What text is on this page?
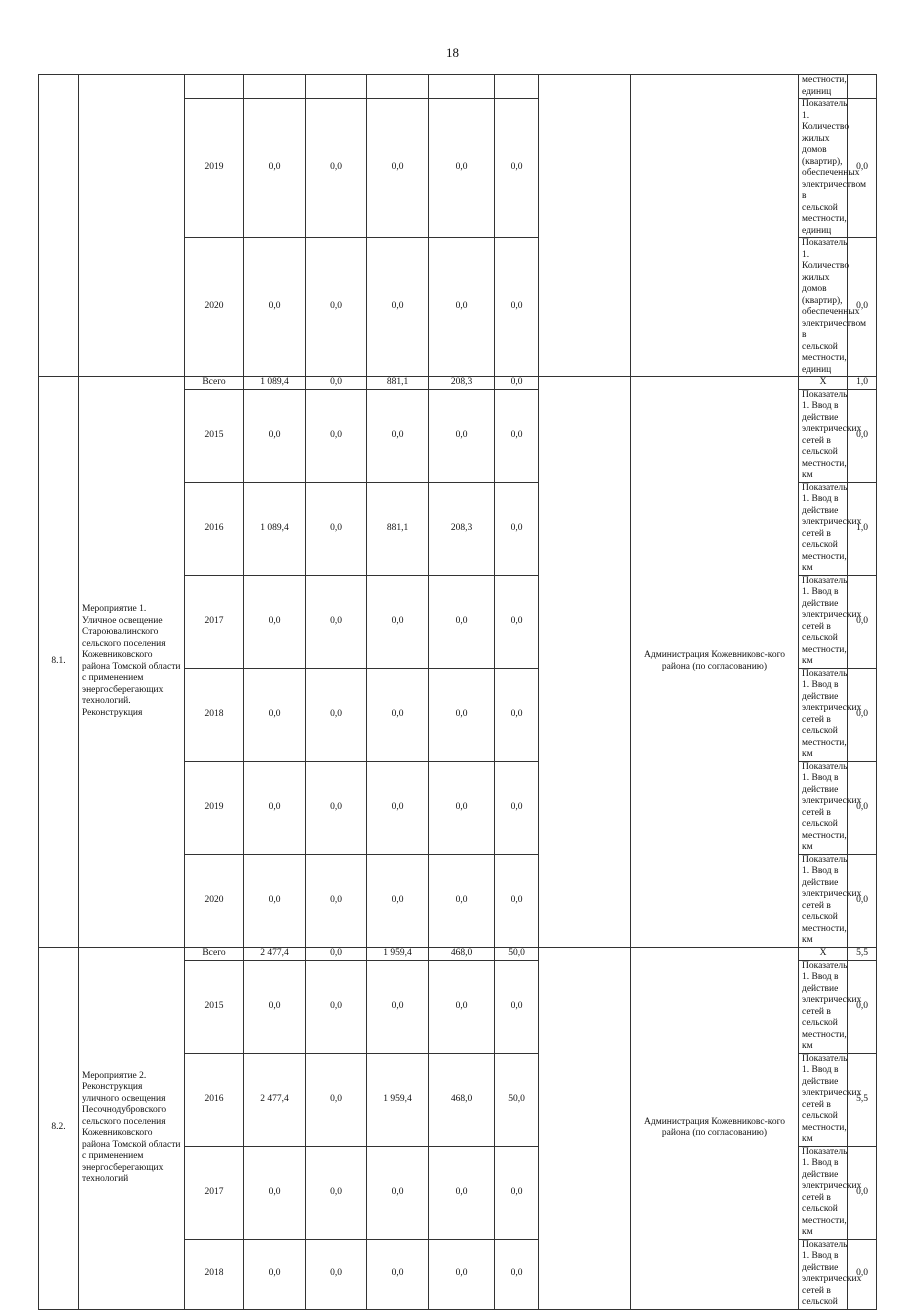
18
										местности, единиц	
		2019	0,0	0,0	0,0	0,0	0,0			Показатель 1. Количество жилых домов (квартир), обеспеченных электричеством в сельской местности, единиц	0,0
		2020	0,0	0,0	0,0	0,0	0,0			Показатель 1. Количество жилых домов (квартир), обеспеченных электричеством в сельской местности, единиц	0,0
8.1.	Мероприятие 1. Уличное освещение Староювалинского сельского поселения Кожевниковского района Томской области с применением энергосберегающих технологий. Реконструкция	Всего	1 089,4	0,0	881,1	208,3	0,0		Администрация Кожевниковс-кого района (по согласованию)	X	1,0
		2015	0,0	0,0	0,0	0,0	0,0			Показатель 1. Ввод в действие электрических сетей в сельской местности, км	0,0
		2016	1 089,4	0,0	881,1	208,3	0,0			Показатель 1. Ввод в действие электрических сетей в сельской местности, км	1,0
		2017	0,0	0,0	0,0	0,0	0,0			Показатель 1. Ввод в действие электрических сетей в сельской местности, км	0,0
		2018	0,0	0,0	0,0	0,0	0,0			Показатель 1. Ввод в действие электрических сетей в сельской местности, км	0,0
		2019	0,0	0,0	0,0	0,0	0,0			Показатель 1. Ввод в действие электрических сетей в сельской местности, км	0,0
		2020	0,0	0,0	0,0	0,0	0,0			Показатель 1. Ввод в действие электрических сетей в сельской местности, км	0,0
8.2.	Мероприятие 2. Реконструкция уличного освещения Песочнодубровского сельского поселения Кожевниковского района Томской области с применением энергосберегающих технологий	Всего	2 477,4	0,0	1 959,4	468,0	50,0		Администрация Кожевниковс-кого района (по согласованию)	X	5,5
		2015	0,0	0,0	0,0	0,0	0,0			Показатель 1. Ввод в действие электрических сетей в сельской местности, км	0,0
		2016	2 477,4	0,0	1 959,4	468,0	50,0			Показатель 1. Ввод в действие электрических сетей в сельской местности, км	5,5
		2017	0,0	0,0	0,0	0,0	0,0			Показатель 1. Ввод в действие электрических сетей в сельской местности, км	0,0
		2018	0,0	0,0	0,0	0,0	0,0			Показатель 1. Ввод в действие электрических сетей в сельской	0,0
